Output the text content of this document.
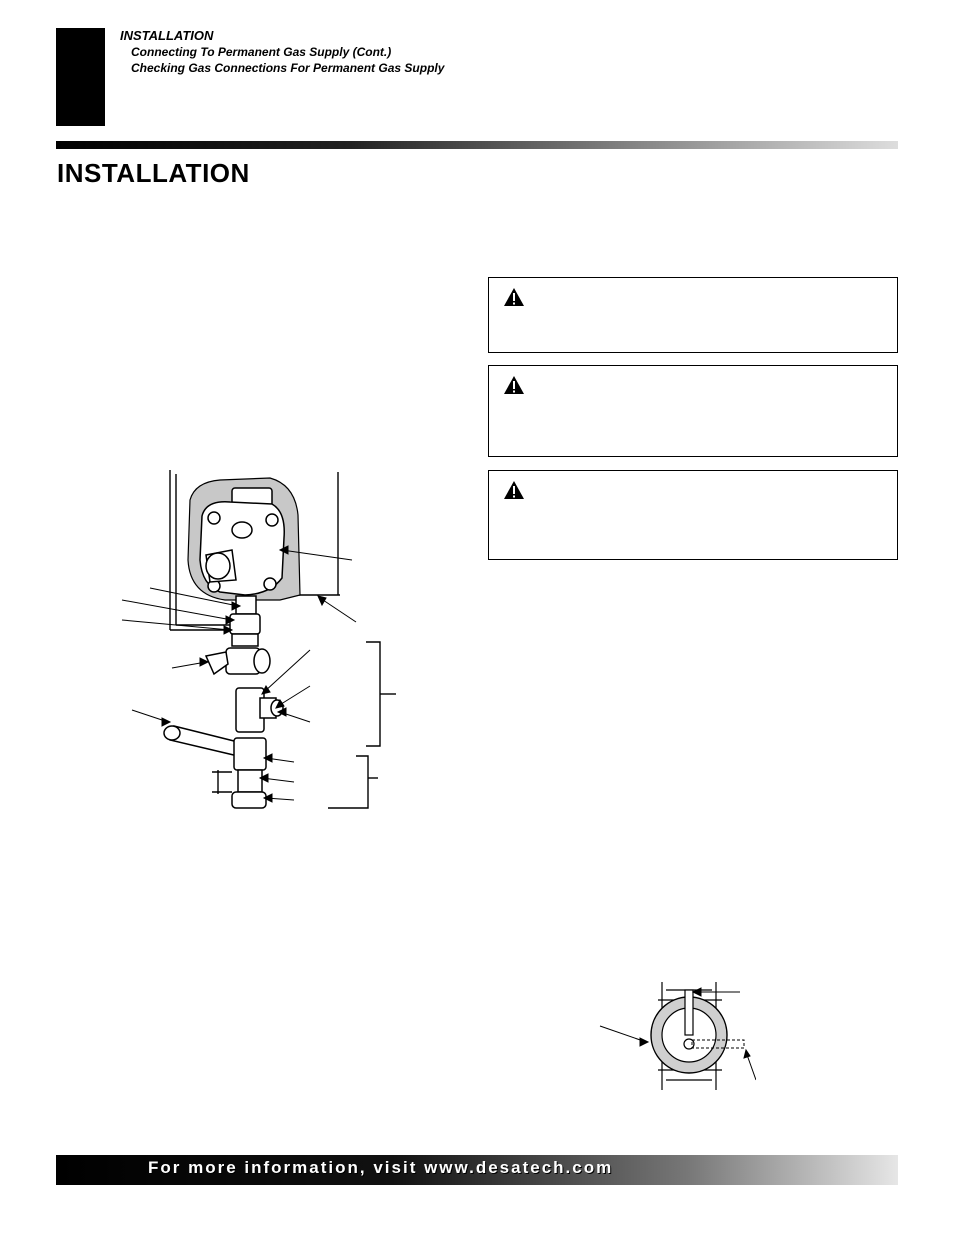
INSTALLATION
Connecting To Permanent Gas Supply (Cont.)
Checking Gas Connections For Permanent Gas Supply
INSTALLATION
For more information, visit www.desatech.com
